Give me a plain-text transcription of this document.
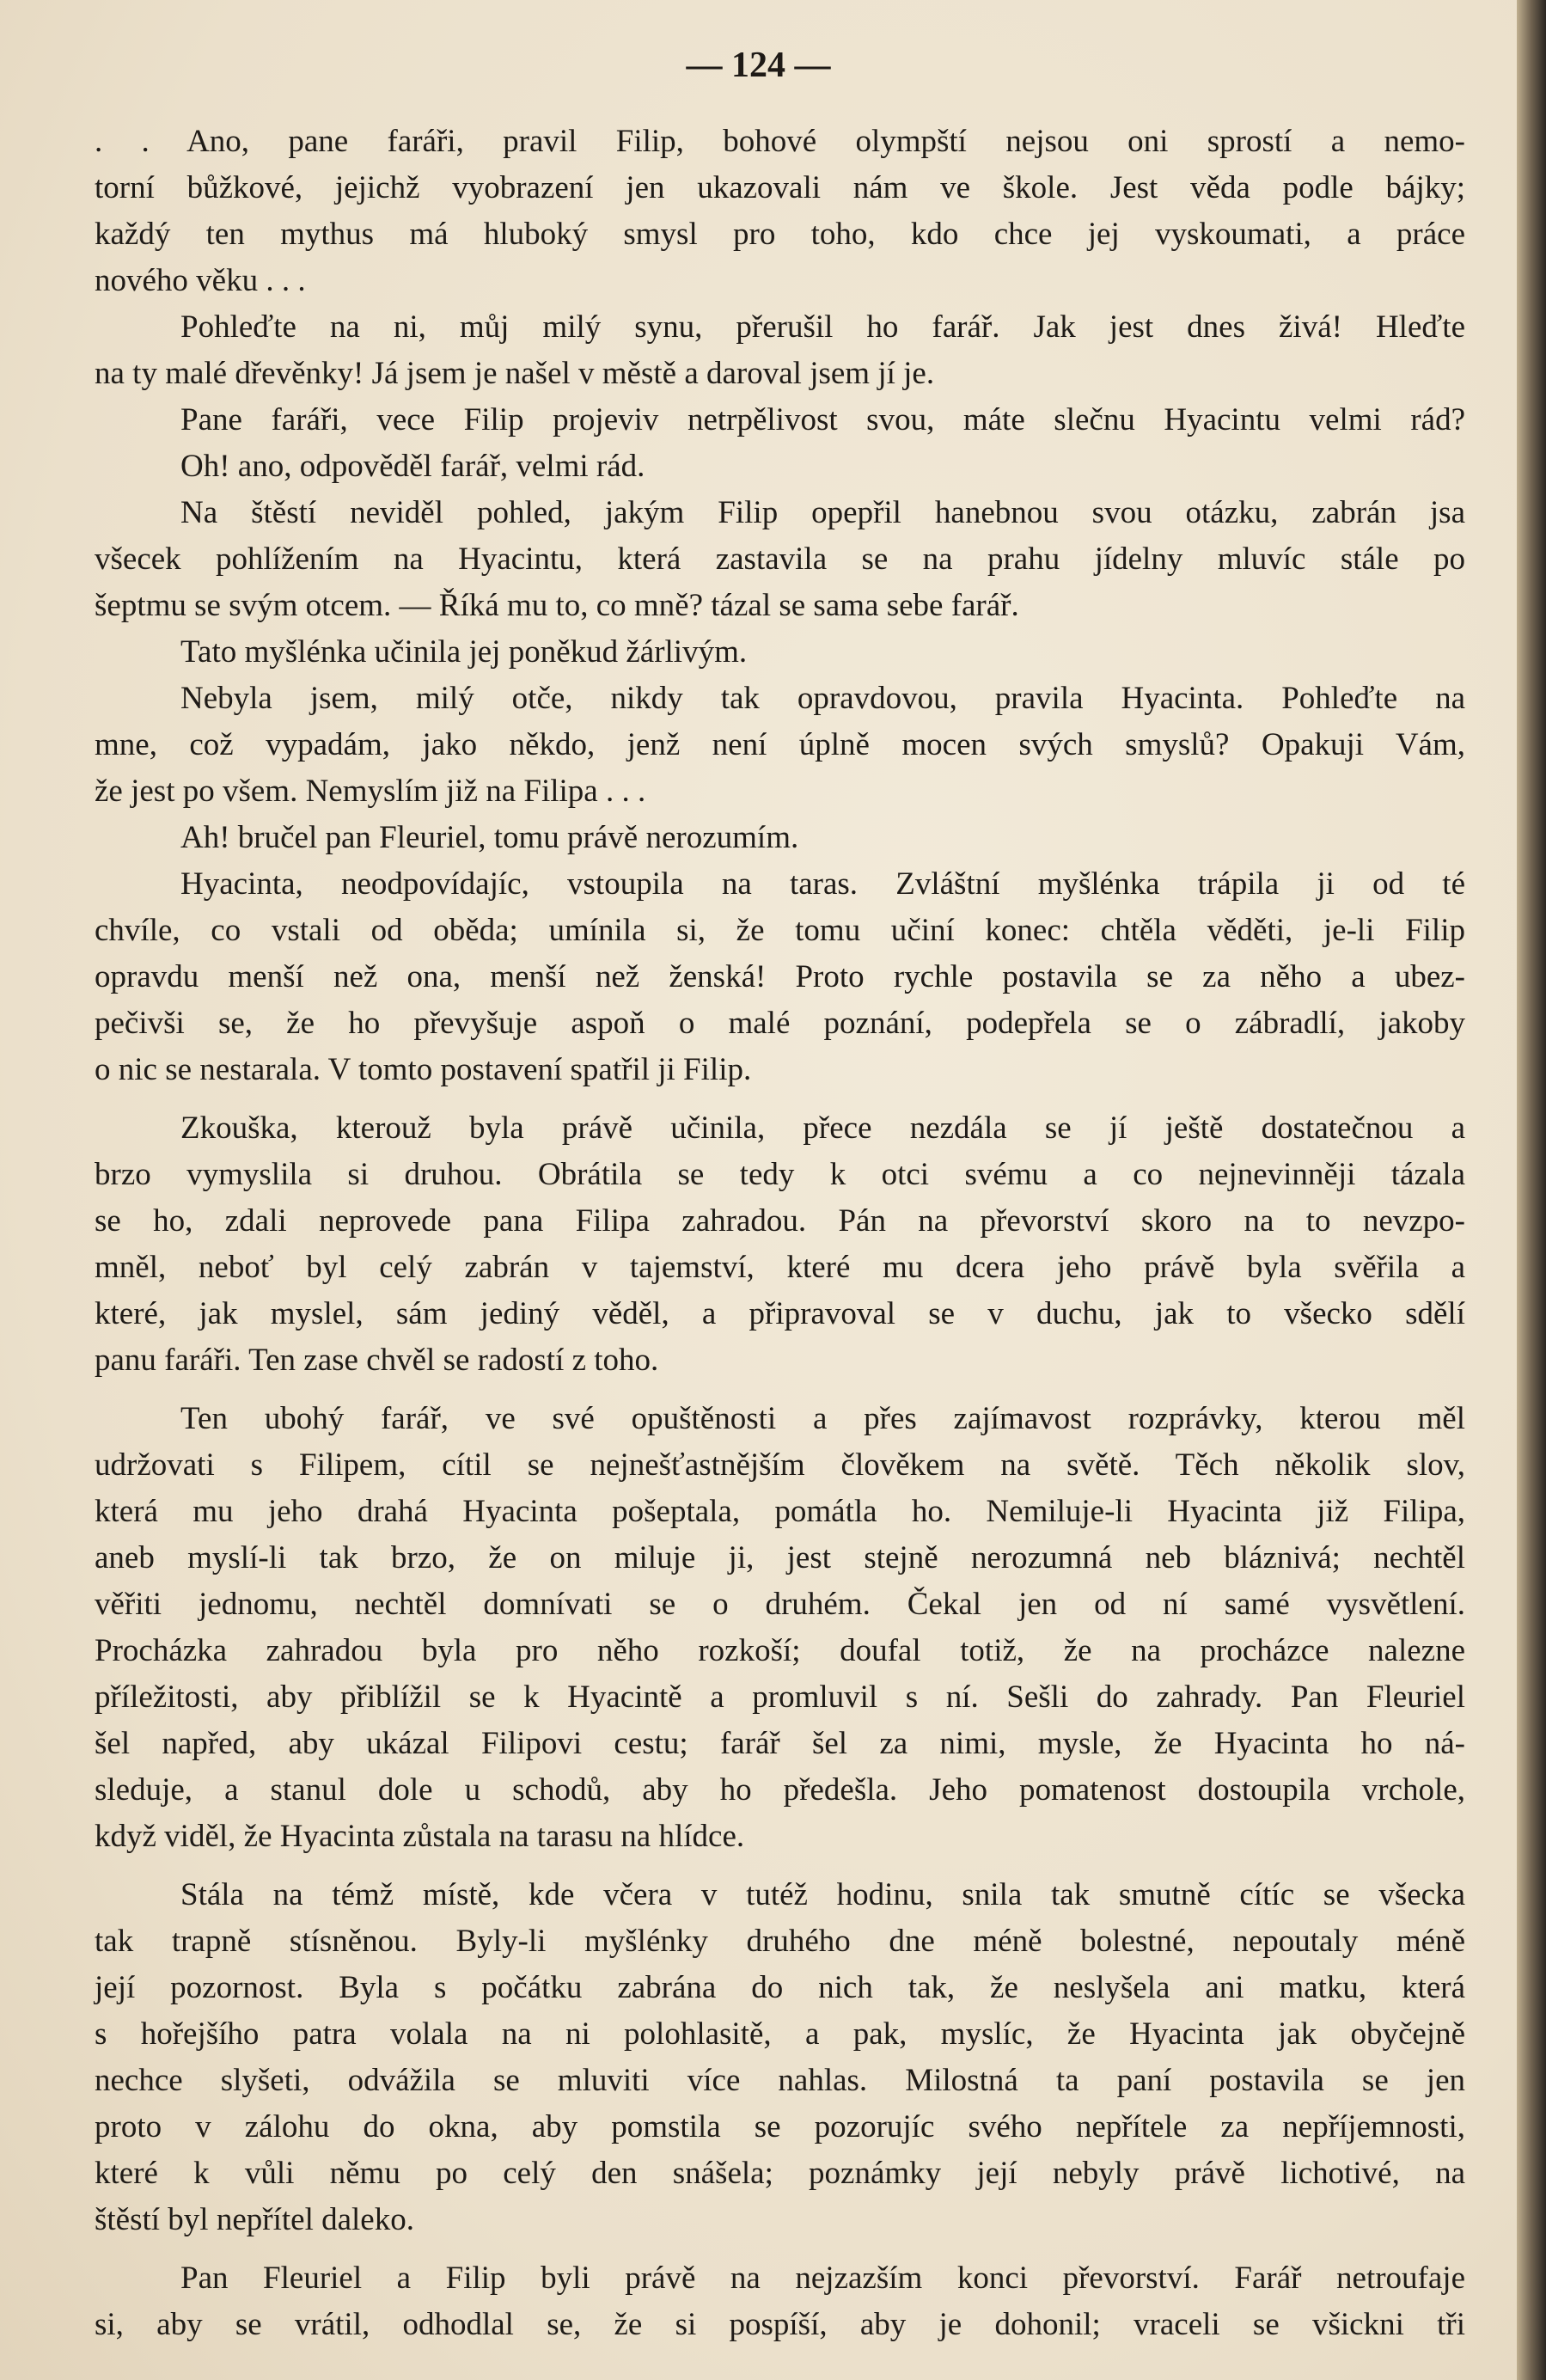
— 124 —
. . Ano, pane faráři, pravil Filip, bohové olympští nejsou oni sprostí a nemo-
torní bůžkové, jejichž vyobrazení jen ukazovali nám ve škole. Jest věda podle bájky;
každý ten mythus má hluboký smysl pro toho, kdo chce jej vyskoumati, a práce
nového věku . . .
Pohleďte na ni, můj milý synu, přerušil ho farář. Jak jest dnes živá! Hleďte
na ty malé dřevěnky! Já jsem je našel v městě a daroval jsem jí je.
Pane faráři, vece Filip projeviv netrpělivost svou, máte slečnu Hyacintu velmi rád?
Oh! ano, odpověděl farář, velmi rád.
Na štěstí neviděl pohled, jakým Filip opepřil hanebnou svou otázku, zabrán jsa
všecek pohlížením na Hyacintu, která zastavila se na prahu jídelny mluvíc stále po
šeptmu se svým otcem. — Říká mu to, co mně? tázal se sama sebe farář.
Tato myšlénka učinila jej poněkud žárlivým.
Nebyla jsem, milý otče, nikdy tak opravdovou, pravila Hyacinta. Pohleďte na
mne, což vypadám, jako někdo, jenž není úplně mocen svých smyslů? Opakuji Vám,
že jest po všem. Nemyslím již na Filipa . . .
Ah! bručel pan Fleuriel, tomu právě nerozumím.
Hyacinta, neodpovídajíc, vstoupila na taras. Zvláštní myšlénka trápila ji od té
chvíle, co vstali od oběda; umínila si, že tomu učiní konec: chtěla věděti, je-li Filip
opravdu menší než ona, menší než ženská! Proto rychle postavila se za něho a ubez-
pečivši se, že ho převyšuje aspoň o malé poznání, podepřela se o zábradlí, jakoby
o nic se nestarala. V tomto postavení spatřil ji Filip.
Zkouška, kterouž byla právě učinila, přece nezdála se jí ještě dostatečnou a
brzo vymyslila si druhou. Obrátila se tedy k otci svému a co nejnevinněji tázala
se ho, zdali neprovede pana Filipa zahradou. Pán na převorství skoro na to nevzpo-
mněl, neboť byl celý zabrán v tajemství, které mu dcera jeho právě byla svěřila a
které, jak myslel, sám jediný věděl, a připravoval se v duchu, jak to všecko sdělí
panu faráři. Ten zase chvěl se radostí z toho.
Ten ubohý farář, ve své opuštěnosti a přes zajímavost rozprávky, kterou měl
udržovati s Filipem, cítil se nejnešťastnějším člověkem na světě. Těch několik slov,
která mu jeho drahá Hyacinta pošeptala, pomátla ho. Nemiluje-li Hyacinta již Filipa,
aneb myslí-li tak brzo, že on miluje ji, jest stejně nerozumná neb bláznivá; nechtěl
věřiti jednomu, nechtěl domnívati se o druhém. Čekal jen od ní samé vysvětlení.
Procházka zahradou byla pro něho rozkoší; doufal totiž, že na procházce nalezne
příležitosti, aby přiblížil se k Hyacintě a promluvil s ní. Sešli do zahrady. Pan Fleuriel
šel napřed, aby ukázal Filipovi cestu; farář šel za nimi, mysle, že Hyacinta ho ná-
sleduje, a stanul dole u schodů, aby ho předešla. Jeho pomatenost dostoupila vrchole,
když viděl, že Hyacinta zůstala na tarasu na hlídce.
Stála na témž místě, kde včera v tutéž hodinu, snila tak smutně cítíc se všecka
tak trapně stísněnou. Byly-li myšlénky druhého dne méně bolestné, nepoutaly méně
její pozornost. Byla s počátku zabrána do nich tak, že neslyšela ani matku, která
s hořejšího patra volala na ni polohlasitě, a pak, myslíc, že Hyacinta jak obyčejně
nechce slyšeti, odvážila se mluviti více nahlas. Milostná ta paní postavila se jen
proto v zálohu do okna, aby pomstila se pozorujíc svého nepřítele za nepříjemnosti,
které k vůli němu po celý den snášela; poznámky její nebyly právě lichotivé, na
štěstí byl nepřítel daleko.
Pan Fleuriel a Filip byli právě na nejzazším konci převorství. Farář netroufaje
si, aby se vrátil, odhodlal se, že si pospíší, aby je dohonil; vraceli se všickni tři
